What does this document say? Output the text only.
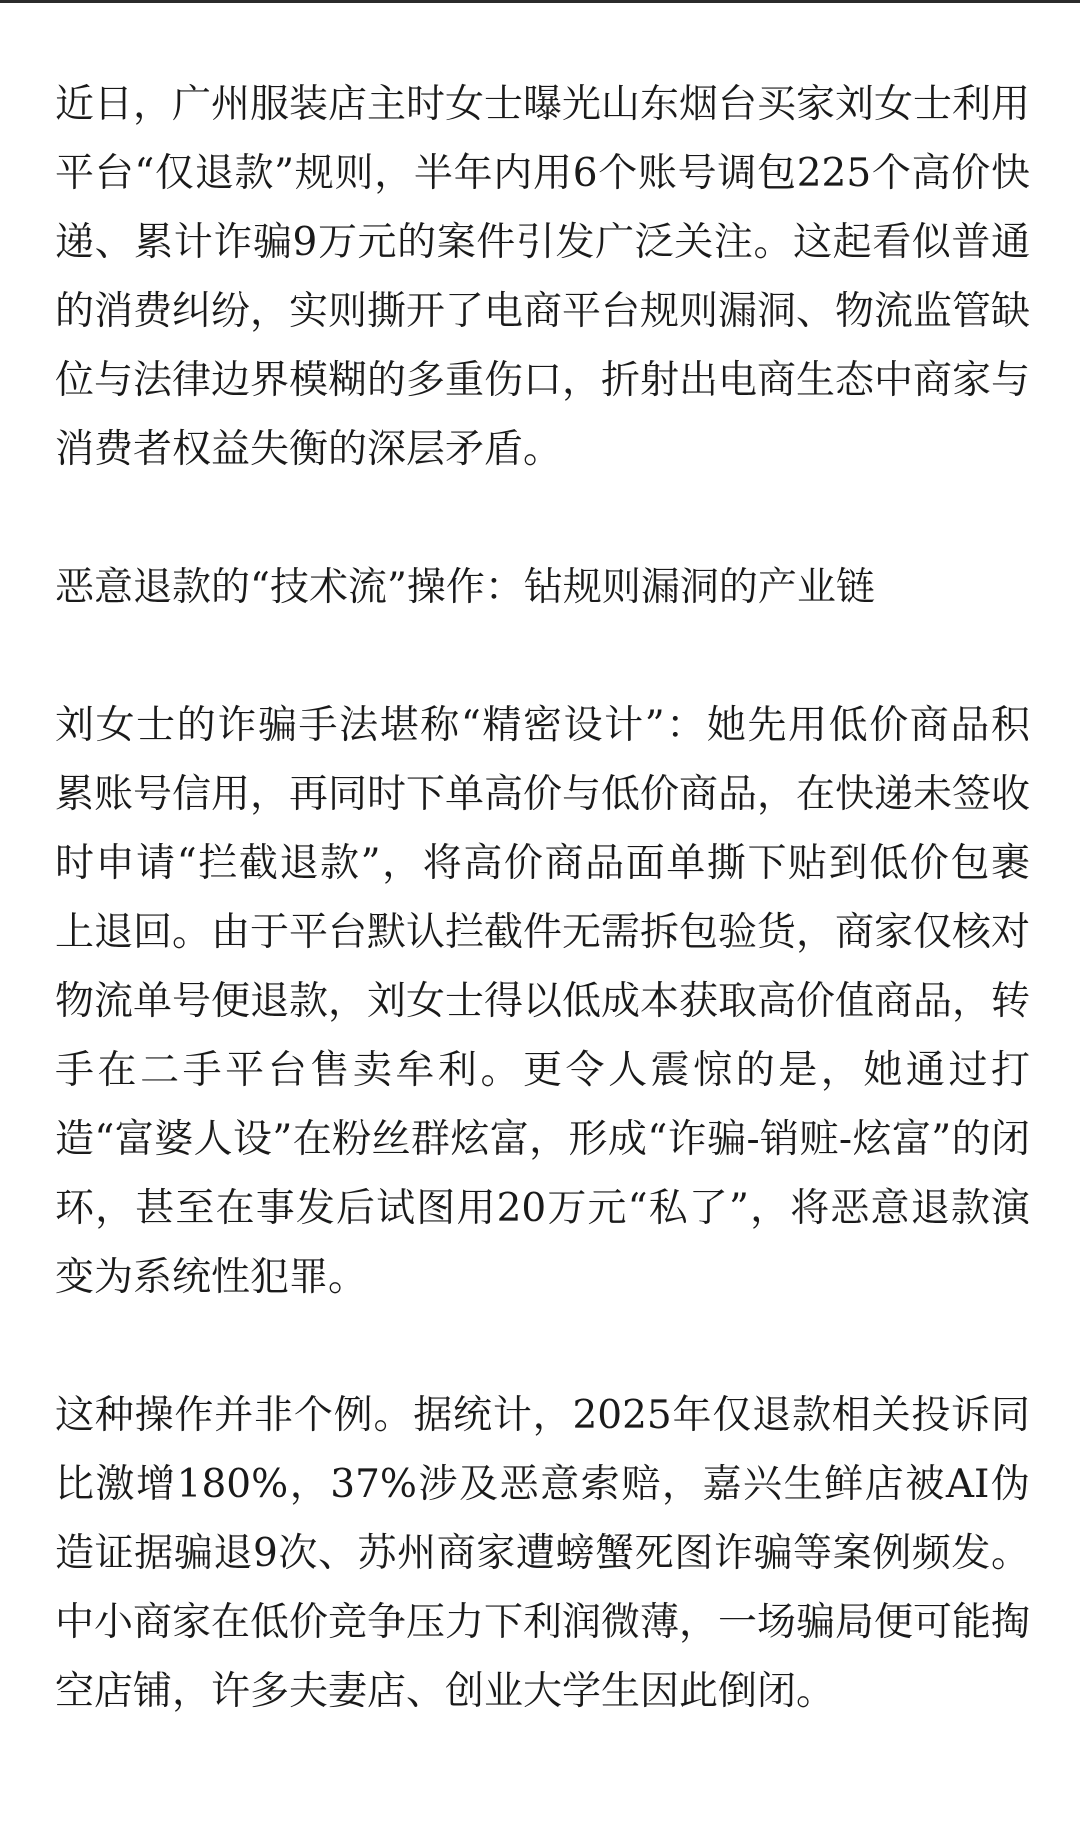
近日，广州服装店主时女士曝光山东烟台买家刘女士利用平台“仅退款”规则，半年内用6个账号调包225个高价快递、累计诈骗9万元的案件引发广泛关注。这起看似普通的消费纠纷，实则撕开了电商平台规则漏洞、物流监管缺位与法律边界模糊的多重伤口，折射出电商生态中商家与消费者权益失衡的深层矛盾。

恶意退款的“技术流”操作：钻规则漏洞的产业链

刘女士的诈骗手法堪称“精密设计”：她先用低价商品积累账号信用，再同时下单高价与低价商品，在快递未签收时申请“拦截退款”，将高价商品面单撕下贴到低价包裹上退回。由于平台默认拦截件无需拆包验货，商家仅核对物流单号便退款，刘女士得以低成本获取高价值商品，转手在二手平台售卖牟利。更令人震惊的是，她通过打造“富婆人设”在粉丝群炫富，形成“诈骗-销赃-炫富”的闭环，甚至在事发后试图用20万元“私了”，将恶意退款演变为系统性犯罪。

这种操作并非个例。据统计，2025年仅退款相关投诉同比激增180%，37%涉及恶意索赔，嘉兴生鲜店被AI伪造证据骗退9次、苏州商家遭螃蟹死图诈骗等案例频发。中小商家在低价竞争压力下利润微薄，一场骗局便可能掏空店铺，许多夫妻店、创业大学生因此倒闭。
